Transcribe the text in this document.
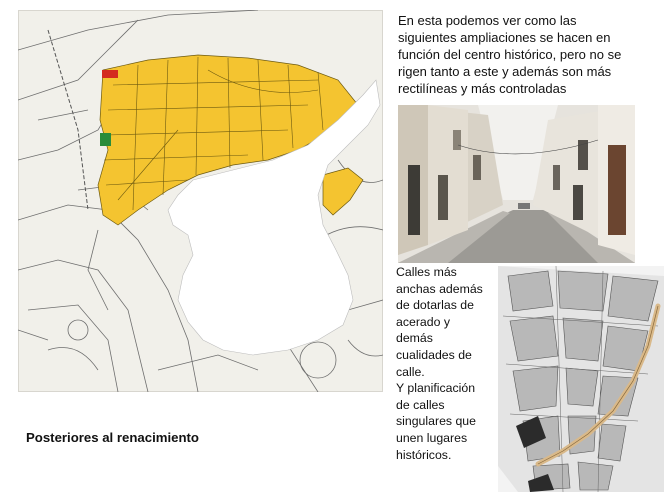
En esta podemos ver como las
siguientes ampliaciones se hacen en
función del centro histórico, pero no se
rigen tanto a este y además son más
rectilíneas y más controladas
Calles más
anchas además
de dotarlas de
acerado y
demás
cualidades de
calle.
Y planificación
de calles
singulares que
unen lugares
históricos.
Posteriores al renacimiento
